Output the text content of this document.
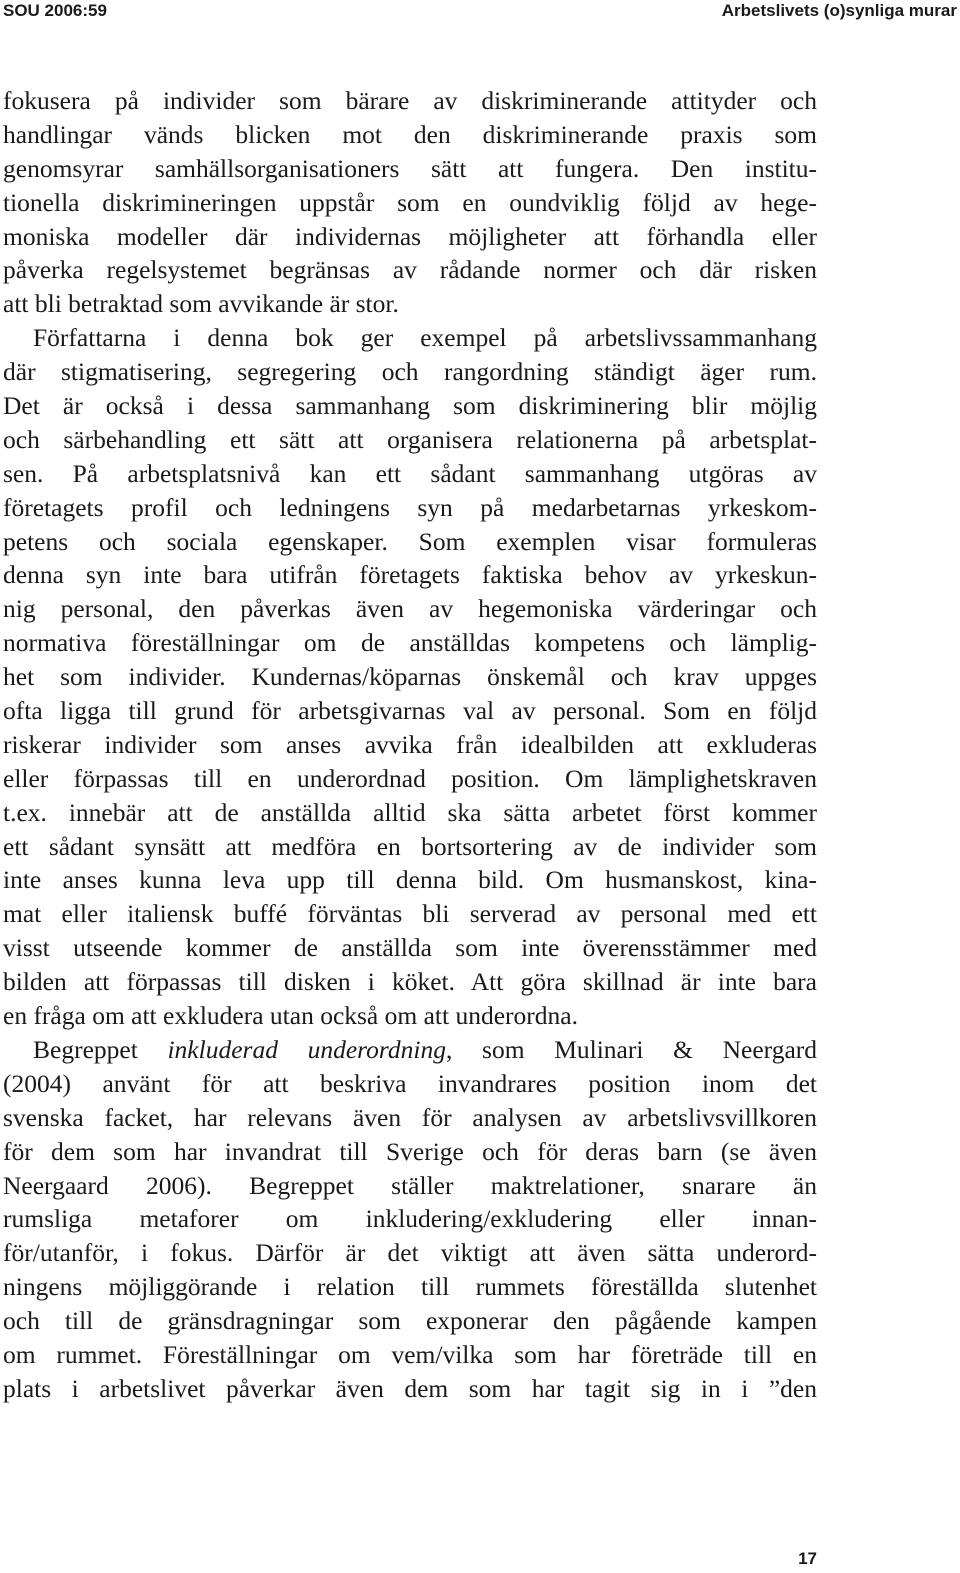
SOU 2006:59	Arbetslivets (o)synliga murar
fokusera på individer som bärare av diskriminerande attityder och
handlingar vänds blicken mot den diskriminerande praxis som
genomsyrar samhällsorganisationers sätt att fungera. Den institu-
tionella diskrimineringen uppstår som en oundviklig följd av hege-
moniska modeller där individernas möjligheter att förhandla eller
påverka regelsystemet begränsas av rådande normer och där risken
att bli betraktad som avvikande är stor.
Författarna i denna bok ger exempel på arbetslivssammanhang
där stigmatisering, segregering och rangordning ständigt äger rum.
Det är också i dessa sammanhang som diskriminering blir möjlig
och särbehandling ett sätt att organisera relationerna på arbetsplat-
sen. På arbetsplatsnivå kan ett sådant sammanhang utgöras av
företagets profil och ledningens syn på medarbetarnas yrkeskom-
petens och sociala egenskaper. Som exemplen visar formuleras
denna syn inte bara utifrån företagets faktiska behov av yrkeskun-
nig personal, den påverkas även av hegemoniska värderingar och
normativa föreställningar om de anställdas kompetens och lämplig-
het som individer. Kundernas/köparnas önskemål och krav uppges
ofta ligga till grund för arbetsgivarnas val av personal. Som en följd
riskerar individer som anses avvika från idealbilden att exkluderas
eller förpassas till en underordnad position. Om lämplighetskraven
t.ex. innebär att de anställda alltid ska sätta arbetet först kommer
ett sådant synsätt att medföra en bortsortering av de individer som
inte anses kunna leva upp till denna bild. Om husmanskost, kina-
mat eller italiensk buffé förväntas bli serverad av personal med ett
visst utseende kommer de anställda som inte överensstämmer med
bilden att förpassas till disken i köket. Att göra skillnad är inte bara
en fråga om att exkludera utan också om att underordna.
Begreppet inkluderad underordning, som Mulinari & Neergard
(2004) använt för att beskriva invandrares position inom det
svenska facket, har relevans även för analysen av arbetslivsvillkoren
för dem som har invandrat till Sverige och för deras barn (se även
Neergaard 2006). Begreppet ställer maktrelationer, snarare än
rumsliga metaforer om inkludering/exkludering eller innan-
för/utanför, i fokus. Därför är det viktigt att även sätta underord-
ningens möjliggörande i relation till rummets föreställda slutenhet
och till de gränsdragningar som exponerar den pågående kampen
om rummet. Föreställningar om vem/vilka som har företräde till en
plats i arbetslivet påverkar även dem som har tagit sig in i ”den
17
